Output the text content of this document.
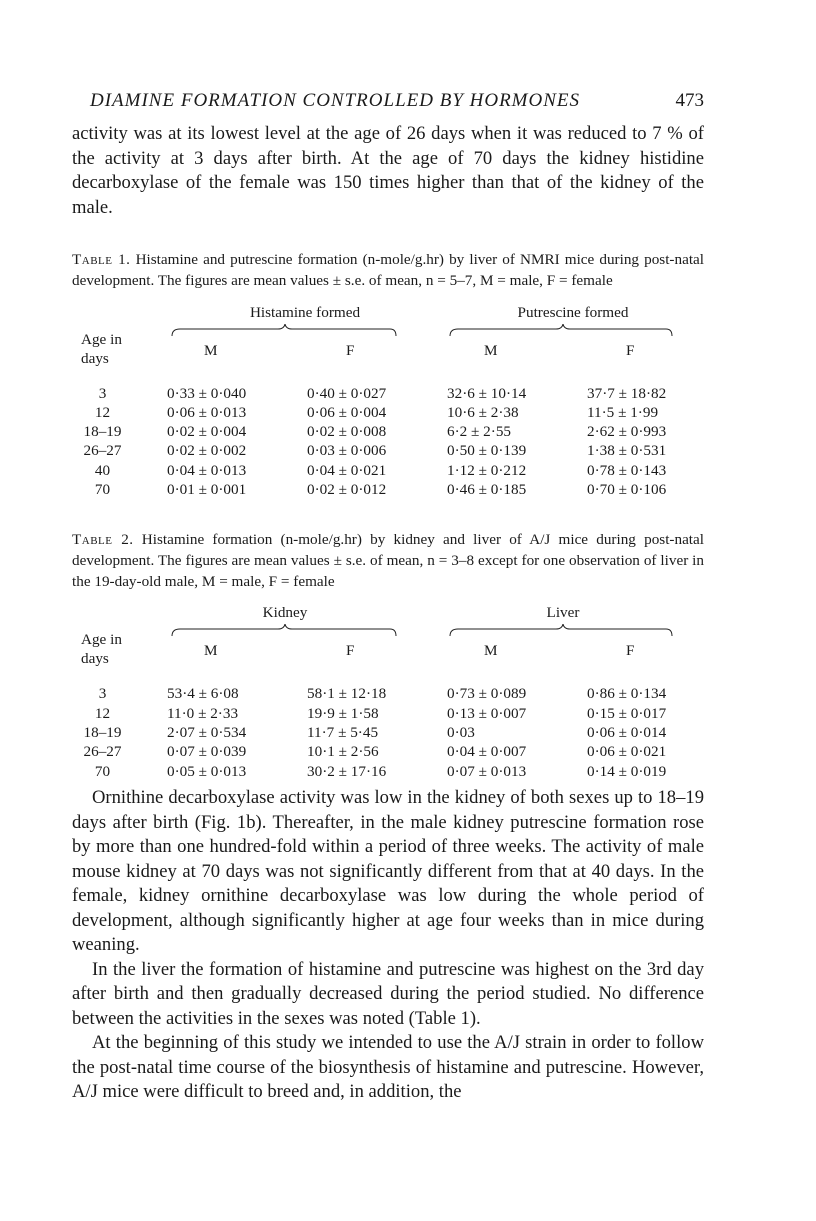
DIAMINE FORMATION CONTROLLED BY HORMONES	473

activity was at its lowest level at the age of 26 days when it was reduced to 7 % of the activity at 3 days after birth. At the age of 70 days the kidney histidine decarboxylase of the female was 150 times higher than that of the kidney of the male.

Table 1. Histamine and putrescine formation (n-mole/g.hr) by liver of NMRI mice during post-natal development. The figures are mean values ± s.e. of mean, n = 5–7, M = male, F = female

Histamine formed	Putrescine formed
Age in
days	M	F	M	F
3	0·33 ± 0·040	0·40 ± 0·027	32·6 ± 10·14	37·7 ± 18·82
12	0·06 ± 0·013	0·06 ± 0·004	10·6 ± 2·38	11·5 ± 1·99
18–19	0·02 ± 0·004	0·02 ± 0·008	6·2 ± 2·55	2·62 ± 0·993
26–27	0·02 ± 0·002	0·03 ± 0·006	0·50 ± 0·139	1·38 ± 0·531
40	0·04 ± 0·013	0·04 ± 0·021	1·12 ± 0·212	0·78 ± 0·143
70	0·01 ± 0·001	0·02 ± 0·012	0·46 ± 0·185	0·70 ± 0·106

Table 2. Histamine formation (n-mole/g.hr) by kidney and liver of A/J mice during post-natal development. The figures are mean values ± s.e. of mean, n = 3–8 except for one observation of liver in the 19-day-old male, M = male, F = female

Kidney	Liver
Age in
days	M	F	M	F
3	53·4 ± 6·08	58·1 ± 12·18	0·73 ± 0·089	0·86 ± 0·134
12	11·0 ± 2·33	19·9 ± 1·58	0·13 ± 0·007	0·15 ± 0·017
18–19	2·07 ± 0·534	11·7 ± 5·45	0·03	0·06 ± 0·014
26–27	0·07 ± 0·039	10·1 ± 2·56	0·04 ± 0·007	0·06 ± 0·021
70	0·05 ± 0·013	30·2 ± 17·16	0·07 ± 0·013	0·14 ± 0·019

Ornithine decarboxylase activity was low in the kidney of both sexes up to 18–19 days after birth (Fig. 1b). Thereafter, in the male kidney putrescine formation rose by more than one hundred-fold within a period of three weeks. The activity of male mouse kidney at 70 days was not significantly different from that at 40 days. In the female, kidney ornithine decarboxylase was low during the whole period of development, although significantly higher at age four weeks than in mice during weaning.

In the liver the formation of histamine and putrescine was highest on the 3rd day after birth and then gradually decreased during the period studied. No difference between the activities in the sexes was noted (Table 1).

At the beginning of this study we intended to use the A/J strain in order to follow the post-natal time course of the biosynthesis of histamine and putrescine. However, A/J mice were difficult to breed and, in addition, the
